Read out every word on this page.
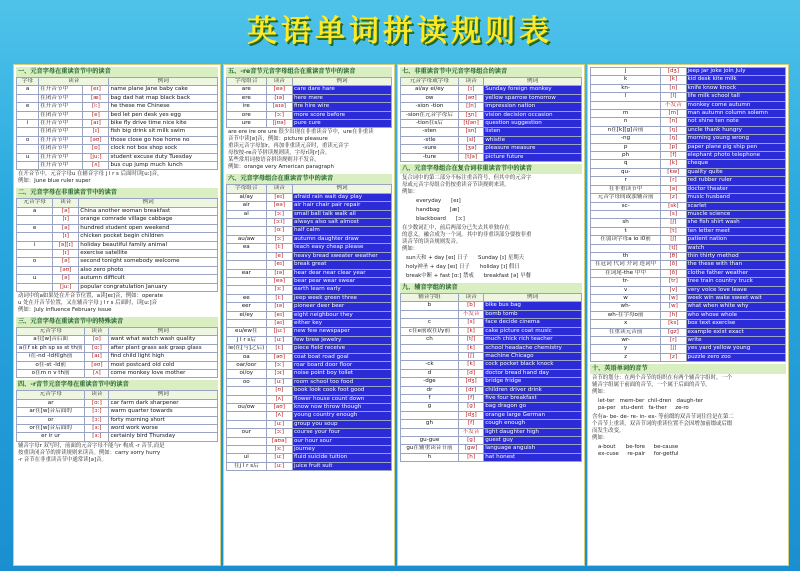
英语单词拼读规则表
一、元音字母在重读音节中的读音
字母	读音		例词
a	在开音节中	[eɪ]	name plane Jane baby cake
	在闭音节中	[æ]	bag dad hat map black back
e	在开音节中	[iː]	he these me Chinese
	在闭音节中	[e]	bed let pen desk yes egg
i	在开音节中	[aɪ]	bike fly drive time nice kite
	在闭音节中	[ɪ]	fish big drink sit milk swim
o	在开音节中	[əʊ]	those close go hoe home no
	在闭音节中	[ɒ]	clock not box shop sock
u	在开音节中	[juː]	student excuse duty Tuesday
	在开音节中	[ʌ]	bus cup jump much lunch
在开音节中，元音字母u 在辅音字母 j l r s 后面时读[uː]音，
例如：June blue ruler super
二、元音字母在非重读音节中的读音
元音字母	读音	例词
a	[ə]	China another woman breakfast
	[ɪ]	orange comrade village cabbage
e	[ə]	hundred student open weekend
	[ɪ]	chicken pocket begin children
i	[ə][ɪ]	holiday beautiful family animal
	[ɪ]	exercise satellite
o	[ə]	second tonight somebody welcome
	[əʊ]	also zero photo
u	[ə]	autumn difficult
	[juː]	popular congratulation January
动词中的a如果处在开音节位置，a读[eɪ]音，例如：operate
u 处在开音节位置，又在辅音字母 j l r s 后面时，读[uː]音
例如：July influence February issue
三、元音字母在重读音节中的特殊读音
元音字母	读音	例词
a在[w]音后面	[ɒ]	want what watch wash quality
a在f sk ph sp ss st th前	[ɑː]	after plant grass ask grasp glass
i在-nd -ld和gh前	[aɪ]	find child light high
o在-st -ld前	[əʊ]	most postcard old cold
o在m n v th前	[ʌ]	come monkey love mother
四、-r音节元音字母在重读音节中的读音
元音字母	读音	例词
ar	[ɑː]	car farm dark sharpener
ar在[w]音后面的	[ɔː]	warm quarter towards
or	[ɔː]	forty morning short
or在[w]音后面的	[ɜː]	word work worse
er ir ur	[ɜː]	certainly bird Thursday
辅音字母r 双写时，前面的元音字母不能与r 构成 -r 音节,而是
按重读闭音节的拼读规则来读音。例如：carry sorry hurry
-r 音节在非重读音节中通常读[ə]音。
五、-re音节元音字母组合在重读音节中的读音
字母组合	读音	例词
are	[eə]	care dare hare
ere	[ɪə]	here mere
ire	[aɪə]	fire hire wire
ore	[ɔː]	more score before
ure	[jʊə]	pure cure
are ere ire ore ure 很少出现在非重读音节中，ure在非重读
音节中读[ə]音，例如：picture pleasure
重读元音字母加r，再加非重读元音时，重读元音字
母按按-re音节拼读规则读，字母r读[r]音。
某些常用词按语音拼读规则并不发音。
例如：orange very American paragraph
六、元音字母组合在重读音节中的读音
字母组合	读音	例词
ai/ay	[eɪ]	afraid rain wait day play
air	[eə]	air hair chair pair repair
al	[ɔː]	small ball talk walk all
	[ɔːl]	always also salt almost
	[ɑː]	half calm
au/aw	[ɔː]	autumn daughter draw
ea	[iː]	teach easy cheap please
	[e]	heavy bread sweater weather
	[eɪ]	break great
ear	[ɪə]	hear dear near clear year
	[eə]	bear pear wear swear
	[ɜː]	earth learn early
ee	[iː]	jeep week green three
eer	[ɪə]	pioneer deer beer
ei/ey	[eɪ]	eight neighbour they
	[aɪ]	either key
eu/ew在	[juː]	new few newspaper
j l r s后	[uː]	few brew jewelry
ie(在[与]之后)	[iː]	piece field receive
oa	[əʊ]	coat boat road goal
oar/oor	[ɔː]	roar board door floor
oi/oy	[ɔɪ]	noise point boy toilet
oo	[uː]	room school too food
	[ʊ]	book look cook foot good
	[ʌ]	flower house count down
ou/ow	[aʊ]	know now throw though
	[ʌ]	young country enough
	[uː]	group you soup
our	[ɔː]	course your four
	[aʊə]	our hour sour
	[ɜː]	journey
ui	[uː]	fluid suicide tuition
在j l r s后	[uː]	juice fruit suit
七、非重读音节中元音字母组合的读音
元音字母或字母	读音	例词
ai/ay ei/ey	[ɪ]	Sunday foreign monkey
ow	[əʊ]	yellow sparrow tomorrow
-sion -tion	[ʃn]	impression nation
-sion在元音字母后	[ʒn]	vision decision occasion
-tion在s后	[tʃən]	question suggestion
-sten	[sn]	listen
-stle	[sl]	whistle
-sure	[ʒə]	pleasure measure
-ture	[tʃə]	picture future
八、元音字母组合在复合词非重读音节中的读音
复合词中的第二部分不标注重音符号，但其中的元音字
母或元音字母组合仍按重读音节读规则来读。
例如：
everyday [eɪ]
handbag [æ]
blackboard [ɔː]
在少数词汇中，前后两部分已失去其单独存在
的意义，融合成为一个词。其中的非重读部分要按非重
读音节的读音规则发音。
例如：
sun天和 + day [eɪ] 日子 Sunday [ɪ] 星期天
holy神圣 + day [eɪ] 日子 holiday [ɪ] 假日
break中断 + fast [ɑː] 禁戒 breakfast [ə] 早餐
九、辅音字组的读音
辅音字组	读音	例词
b	[b]	bike bus bag
	不发音	bomb tomb
c	[s]	face decide cinema
c在e前或在i/y前	[k]	cake picture coat music
ch	[tʃ]	much chick rich teacher
	[k]	school headache chemistry
	[ʃ]	machine Chicago
-ck	[k]	cock pocket black knock
d	[d]	doctor bread hand day
-dge	[dʒ]	bridge fridge
dr	[dr]	children driver drink
f	[f]	five four breakfast
g	[g]	bag dragon go
	[dʒ]	orange large German
gh	[f]	cough enough
	不发音	light daughter high
gu-gue	[g]	guest guy
gu在辅重读音节前	[gw]	language anguish
h	[h]	hat honest
j	[dʒ]	jeep jar joke join July
k	[k]	kid desk kite milk
kn-	[n]	knife know knock
l	[l]	life milk school tall
	不发音	monkey come autumn
m	[m]	man autumn column solemn
n	[n]	not shine ten note
n在[k][g]音前	[ŋ]	uncle thank hungry
-ng	[ŋ]	morning young wrong
p	[p]	paper plane pig ship pen
ph	[f]	elephant photo telephone
q	[k]	cheque
qu-	[kw]	quality quite
r	[r]	red rubber ruler
在非重读节中	[ə]	doctor theater
元音字母间或浊辅音前	[z]	music husband
sc-	[sk]	scarlet
	[s]	muscle science
sh	[ʃ]	she fish shirt wash
t	[t]	ten letter meet
在弱读字母a io i0前	[ʃ]	patient nation
	[tʃ]	watch
th	[θ]	thin thirty method
在冠词 代词 介词 连词中	[ð]	the these with than
在词尾-the 中中	[ð]	clothe father weather
tr-	[tr]	tree train country truck
v	[v]	very voice love leave
w	[w]	week win wake sweet wait
wh-	[w]	what when white why
wh-在字母o前	[h]	who whose whole
x	[ks]	box text exercise
在重读元音前	[gz]	example exist exact
wr-	[r]	write
y	[j]	yes yard yellow young
z	[z]	puzzle zero zoo
十、英语单词的音节
音节的划分：在两个音节的组织在有两个辅音字组时，一个
辅音字组属于前面的音节，一个属于后面的音节。
例如：
let-ter   mem-ber  chil-dren   daugh-ter
pa-per   stu-dent   fa-ther     ze-ro
含有a- be- de- re- in- ex- 等前缀的双音节词往往是在第二
个音节上重读。双音节词的重读位置不会因增加前缀或后缀
而发生改变。
例如：
a-bout      be-fore     be-cause
ex-cuse     re-pair     for-getful
